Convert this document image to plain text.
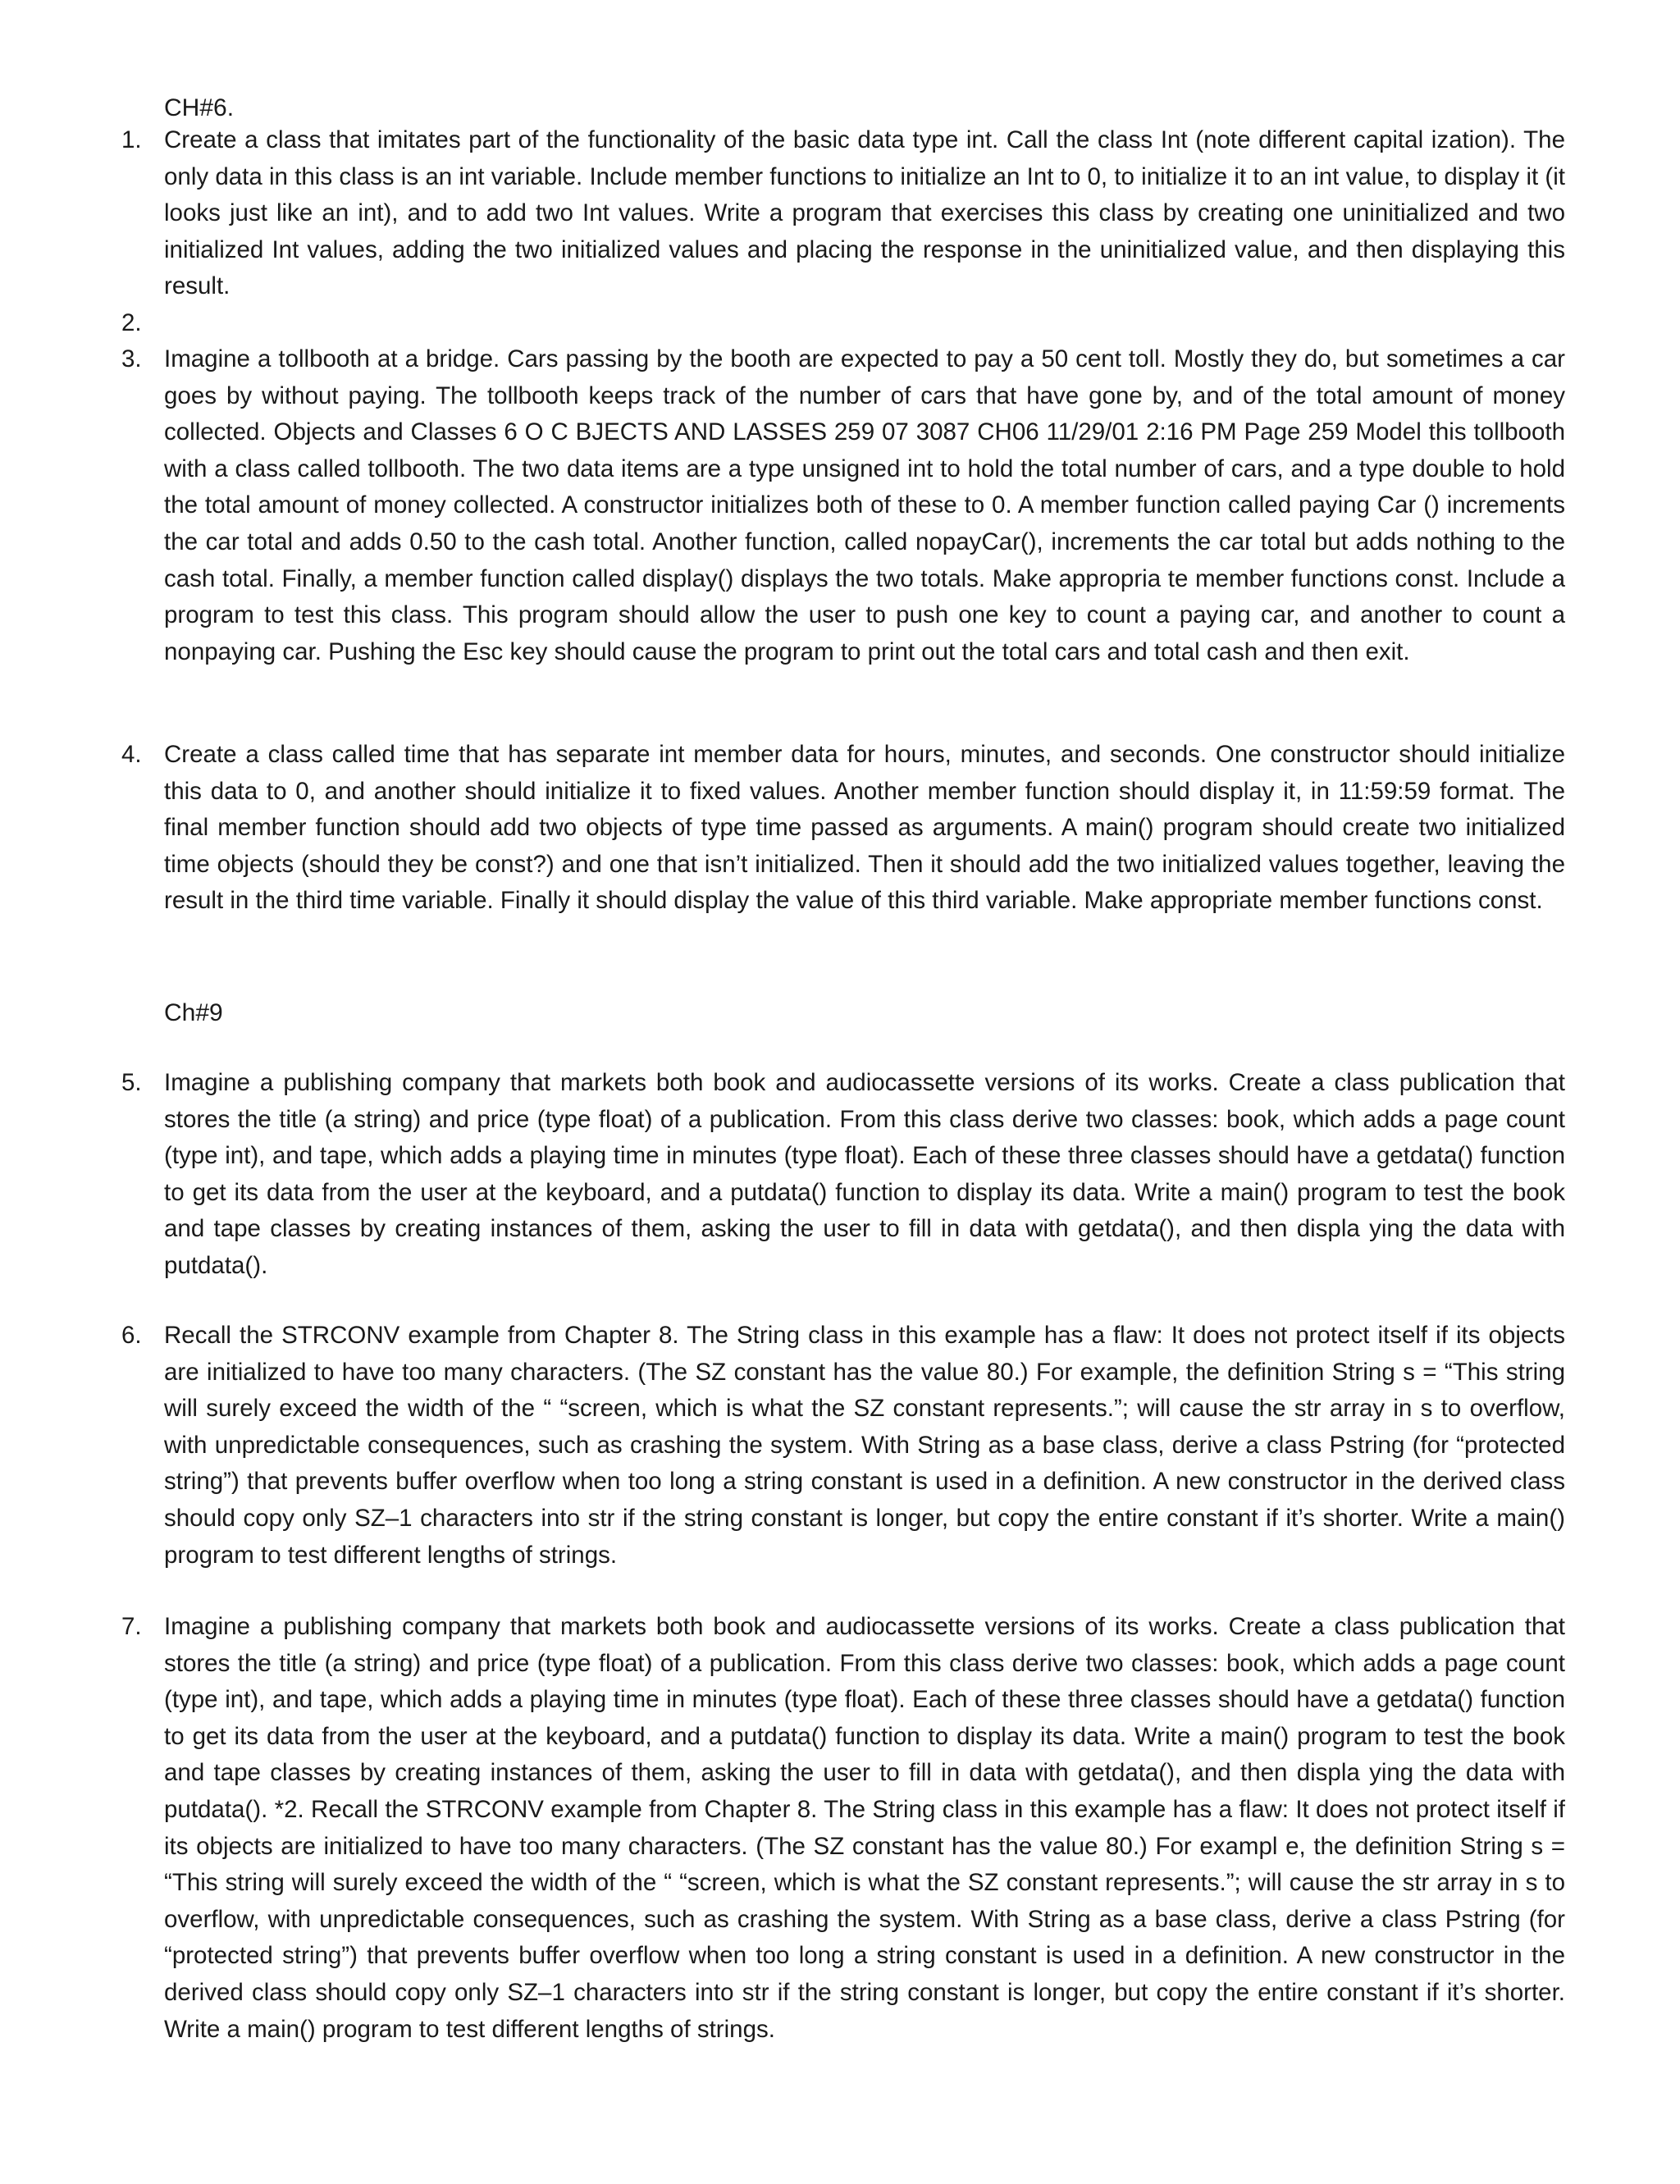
CH#6.
1. Create a class that imitates part of the functionality of the basic data type int. Call the class Int (note different capital ization). The only data in this class is an int variable. Include member functions to initialize an Int to 0, to initialize it to an int value, to display it (it looks just like an int), and to add two Int values. Write a program that exercises this class by creating one uninitialized and two initialized Int values, adding the two initialized values and placing the response in the uninitialized value, and then displaying this result.
2.
3. Imagine a tollbooth at a bridge. Cars passing by the booth are expected to pay a 50 cent toll. Mostly they do, but sometimes a car goes by without paying. The tollbooth keeps track of the number of cars that have gone by, and of the total amount of money collected. Objects and Classes 6 O C BJECTS AND LASSES 259 07 3087 CH06 11/29/01 2:16 PM Page 259 Model this tollbooth with a class called tollbooth. The two data items are a type unsigned int to hold the total number of cars, and a type double to hold the total amount of money collected. A constructor initializes both of these to 0. A member function called paying Car () increments the car total and adds 0.50 to the cash total. Another function, called nopayCar(), increments the car total but adds nothing to the cash total. Finally, a member function called display() displays the two totals. Make appropria te member functions const. Include a program to test this class. This program should allow the user to push one key to count a paying car, and another to count a nonpaying car. Pushing the Esc key should cause the program to print out the total cars and total cash and then exit.
4. Create a class called time that has separate int member data for hours, minutes, and seconds. One constructor should initialize this data to 0, and another should initialize it to fixed values. Another member function should display it, in 11:59:59 format. The final member function should add two objects of type time passed as arguments. A main() program should create two initialized time objects (should they be const?) and one that isn’t initialized. Then it should add the two initialized values together, leaving the result in the third time variable. Finally it should display the value of this third variable. Make appropriate member functions const.
Ch#9
5. Imagine a publishing company that markets both book and audiocassette versions of its works. Create a class publication that stores the title (a string) and price (type float) of a publication. From this class derive two classes: book, which adds a page count (type int), and tape, which adds a playing time in minutes (type float). Each of these three classes should have a getdata() function to get its data from the user at the keyboard, and a putdata() function to display its data. Write a main() program to test the book and tape classes by creating instances of them, asking the user to fill in data with getdata(), and then displa ying the data with putdata().
6. Recall the STRCONV example from Chapter 8. The String class in this example has a flaw: It does not protect itself if its objects are initialized to have too many characters. (The SZ constant has the value 80.) For example, the definition String s = “This string will surely exceed the width of the “ “screen, which is what the SZ constant represents.”; will cause the str array in s to overflow, with unpredictable consequences, such as crashing the system. With String as a base class, derive a class Pstring (for “protected string”) that prevents buffer overflow when too long a string constant is used in a definition. A new constructor in the derived class should copy only SZ–1 characters into str if the string constant is longer, but copy the entire constant if it’s shorter. Write a main() program to test different lengths of strings.
7. Imagine a publishing company that markets both book and audiocassette versions of its works. Create a class publication that stores the title (a string) and price (type float) of a publication. From this class derive two classes: book, which adds a page count (type int), and tape, which adds a playing time in minutes (type float). Each of these three classes should have a getdata() function to get its data from the user at the keyboard, and a putdata() function to display its data. Write a main() program to test the book and tape classes by creating instances of them, asking the user to fill in data with getdata(), and then displa ying the data with putdata(). *2. Recall the STRCONV example from Chapter 8. The String class in this example has a flaw: It does not protect itself if its objects are initialized to have too many characters. (The SZ constant has the value 80.) For exampl e, the definition String s = “This string will surely exceed the width of the “ “screen, which is what the SZ constant represents.”; will cause the str array in s to overflow, with unpredictable consequences, such as crashing the system. With String as a base class, derive a class Pstring (for “protected string”) that prevents buffer overflow when too long a string constant is used in a definition. A new constructor in the derived class should copy only SZ–1 characters into str if the string constant is longer, but copy the entire constant if it’s shorter. Write a main() program to test different lengths of strings.
